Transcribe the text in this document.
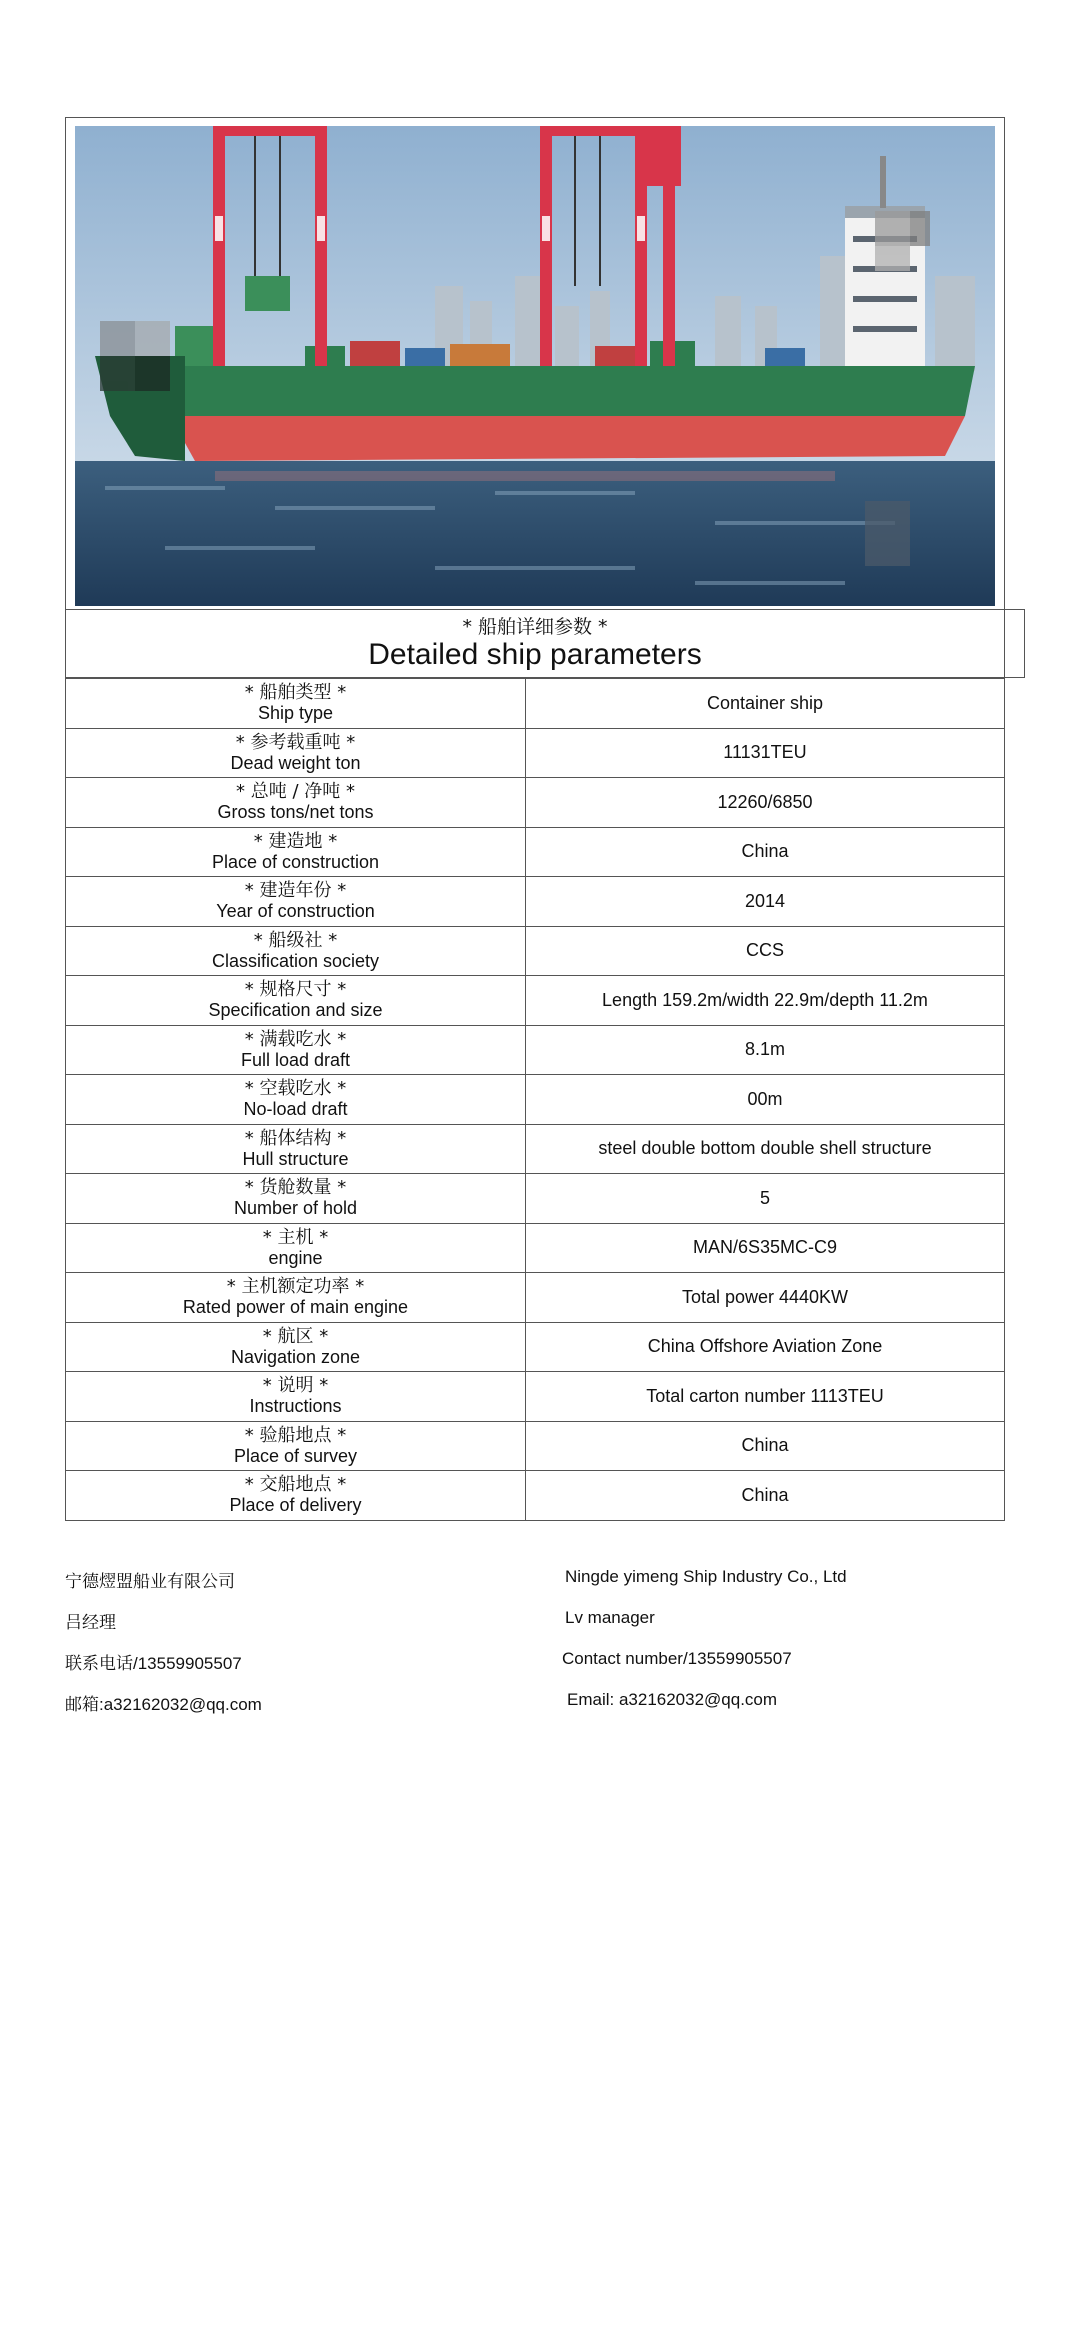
* 船舶详细参数 *
Detailed ship parameters
* 船舶类型 *
Ship type	Container ship

* 参考载重吨 *
Dead weight ton	11131TEU

* 总吨 / 净吨 *
Gross tons/net tons	12260/6850

* 建造地 *
Place of construction	China

* 建造年份 *
Year of construction	2014

* 船级社 *
Classification society	CCS

* 规格尺寸 *
Specification and size	Length 159.2m/width 22.9m/depth 11.2m

* 满载吃水 *
Full load draft	8.1m

* 空载吃水 *
No-load draft	00m

* 船体结构 *
Hull structure	steel double bottom double shell structure

* 货舱数量 *
Number of hold	5

* 主机 *
engine	MAN/6S35MC-C9

* 主机额定功率 *
Rated power of main engine	Total power 4440KW

* 航区 *
Navigation zone	China Offshore Aviation Zone

* 说明 *
Instructions	Total carton number 1113TEU

* 验船地点 *
Place of survey	China

* 交船地点 *
Place of delivery	China
宁德熤盟船业有限公司	Ningde yimeng Ship Industry Co., Ltd
吕经理	Lv manager
联系电话/13559905507	Contact number/13559905507
邮箱:a32162032@qq.com	Email: a32162032@qq.com
